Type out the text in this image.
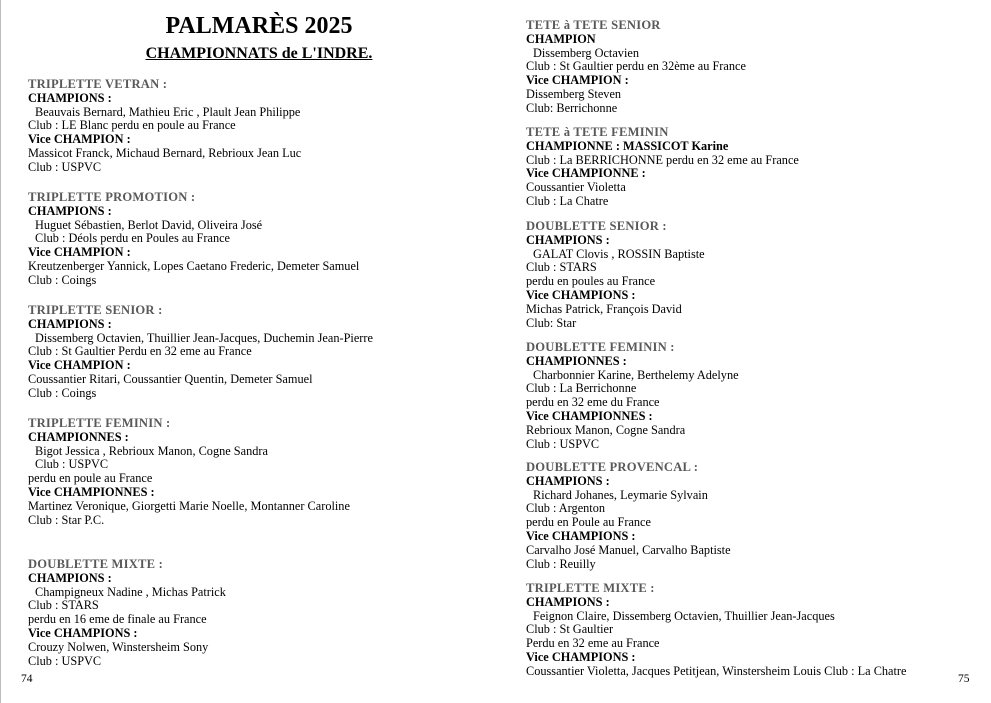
PALMARÈS 2025
CHAMPIONNATS de L'INDRE.
TRIPLETTE VETRAN :
CHAMPIONS :
Beauvais Bernard, Mathieu Eric , Plault Jean Philippe
Club : LE Blanc perdu en poule au France
Vice CHAMPION :
Massicot Franck, Michaud Bernard, Rebrioux Jean Luc
Club : USPVC
TRIPLETTE PROMOTION :
CHAMPIONS :
Huguet Sébastien, Berlot David, Oliveira José
Club : Déols perdu en Poules au France
Vice CHAMPION :
Kreutzenberger Yannick, Lopes Caetano Frederic, Demeter Samuel
Club : Coings
TRIPLETTE SENIOR :
CHAMPIONS :
Dissemberg Octavien, Thuillier Jean-Jacques, Duchemin Jean-Pierre
Club : St Gaultier Perdu en 32 eme au France
Vice CHAMPION :
Coussantier Ritari, Coussantier Quentin, Demeter Samuel
Club : Coings
TRIPLETTE FEMININ :
CHAMPIONNES :
Bigot Jessica , Rebrioux Manon, Cogne Sandra
Club : USPVC
perdu en poule au France
Vice CHAMPIONNES :
Martinez Veronique, Giorgetti Marie Noelle, Montanner Caroline
Club : Star P.C.
DOUBLETTE MIXTE :
CHAMPIONS :
Champigneux Nadine , Michas Patrick
Club : STARS
perdu en 16 eme de finale au France
Vice CHAMPIONS :
Crouzy Nolwen, Winstersheim Sony
Club : USPVC
TETE à TETE SENIOR
CHAMPION
Dissemberg Octavien
Club : St Gaultier perdu en 32ème au France
Vice CHAMPION :
Dissemberg Steven
Club: Berrichonne
TETE à TETE FEMININ
CHAMPIONNE : MASSICOT Karine
Club : La BERRICHONNE perdu en 32 eme au France
Vice CHAMPIONNE :
Coussantier Violetta
Club : La Chatre
DOUBLETTE SENIOR :
CHAMPIONS :
GALAT Clovis , ROSSIN Baptiste
Club : STARS
perdu en poules au France
Vice CHAMPIONS :
Michas Patrick, François David
Club: Star
DOUBLETTE FEMININ :
CHAMPIONNES :
Charbonnier Karine, Berthelemy Adelyne
Club : La Berrichonne
perdu en 32 eme du France
Vice CHAMPIONNES :
Rebrioux Manon, Cogne Sandra
Club : USPVC
DOUBLETTE PROVENCAL :
CHAMPIONS :
Richard Johanes, Leymarie Sylvain
Club : Argenton
perdu en Poule au France
Vice CHAMPIONS :
Carvalho José Manuel, Carvalho Baptiste
Club : Reuilly
TRIPLETTE MIXTE :
CHAMPIONS :
Feignon Claire, Dissemberg Octavien, Thuillier Jean-Jacques
Club : St Gaultier
Perdu en 32 eme au France
Vice CHAMPIONS :
Coussantier Violetta, Jacques Petitjean, Winstersheim Louis Club : La Chatre
74	75
